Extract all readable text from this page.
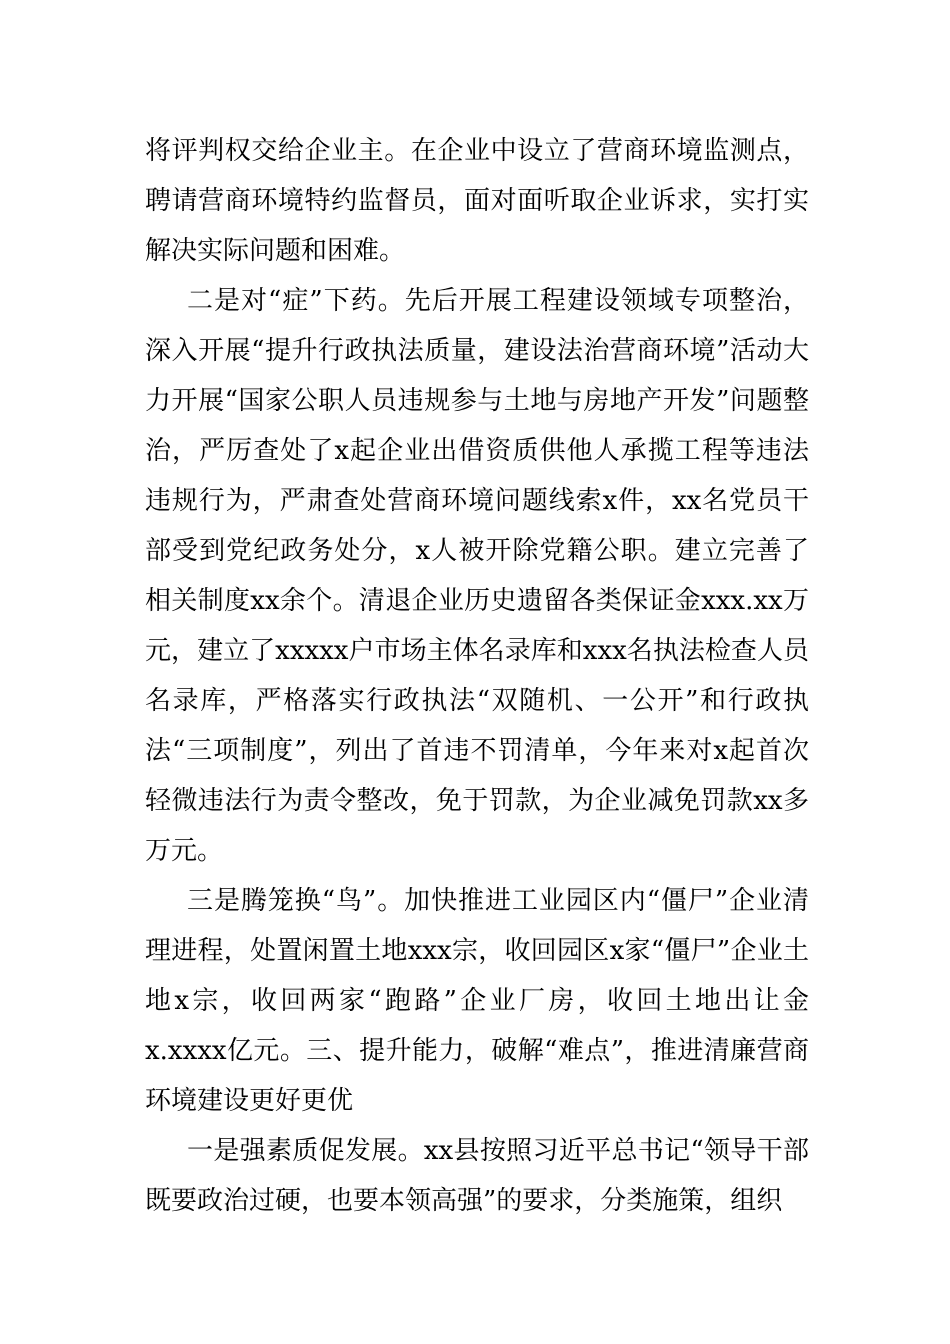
将评判权交给企业主。在企业中设立了营商环境监测点，聘请营商环境特约监督员，面对面听取企业诉求，实打实解决实际问题和困难。

二是对“症”下药。先后开展工程建设领域专项整治，深入开展“提升行政执法质量，建设法治营商环境”活动大力开展“国家公职人员违规参与土地与房地产开发”问题整治，严厉查处了x起企业出借资质供他人承揽工程等违法违规行为，严肃查处营商环境问题线索x件，xx名党员干部受到党纪政务处分，x人被开除党籍公职。建立完善了相关制度xx余个。清退企业历史遗留各类保证金xxx.xx万元，建立了xxxxx户市场主体名录库和xxx名执法检查人员名录库，严格落实行政执法“双随机、一公开”和行政执法“三项制度”，列出了首违不罚清单，今年来对x起首次轻微违法行为责令整改，免于罚款，为企业减免罚款xx多万元。

三是腾笼换“鸟”。加快推进工业园区内“僵尸”企业清理进程，处置闲置土地xxx宗，收回园区x家“僵尸”企业土地x宗，收回两家“跑路”企业厂房，收回土地出让金x.xxxx亿元。三、提升能力，破解“难点”，推进清廉营商环境建设更好更优

一是强素质促发展。xx县按照习近平总书记“领导干部既要政治过硬，也要本领高强”的要求，分类施策，组织
